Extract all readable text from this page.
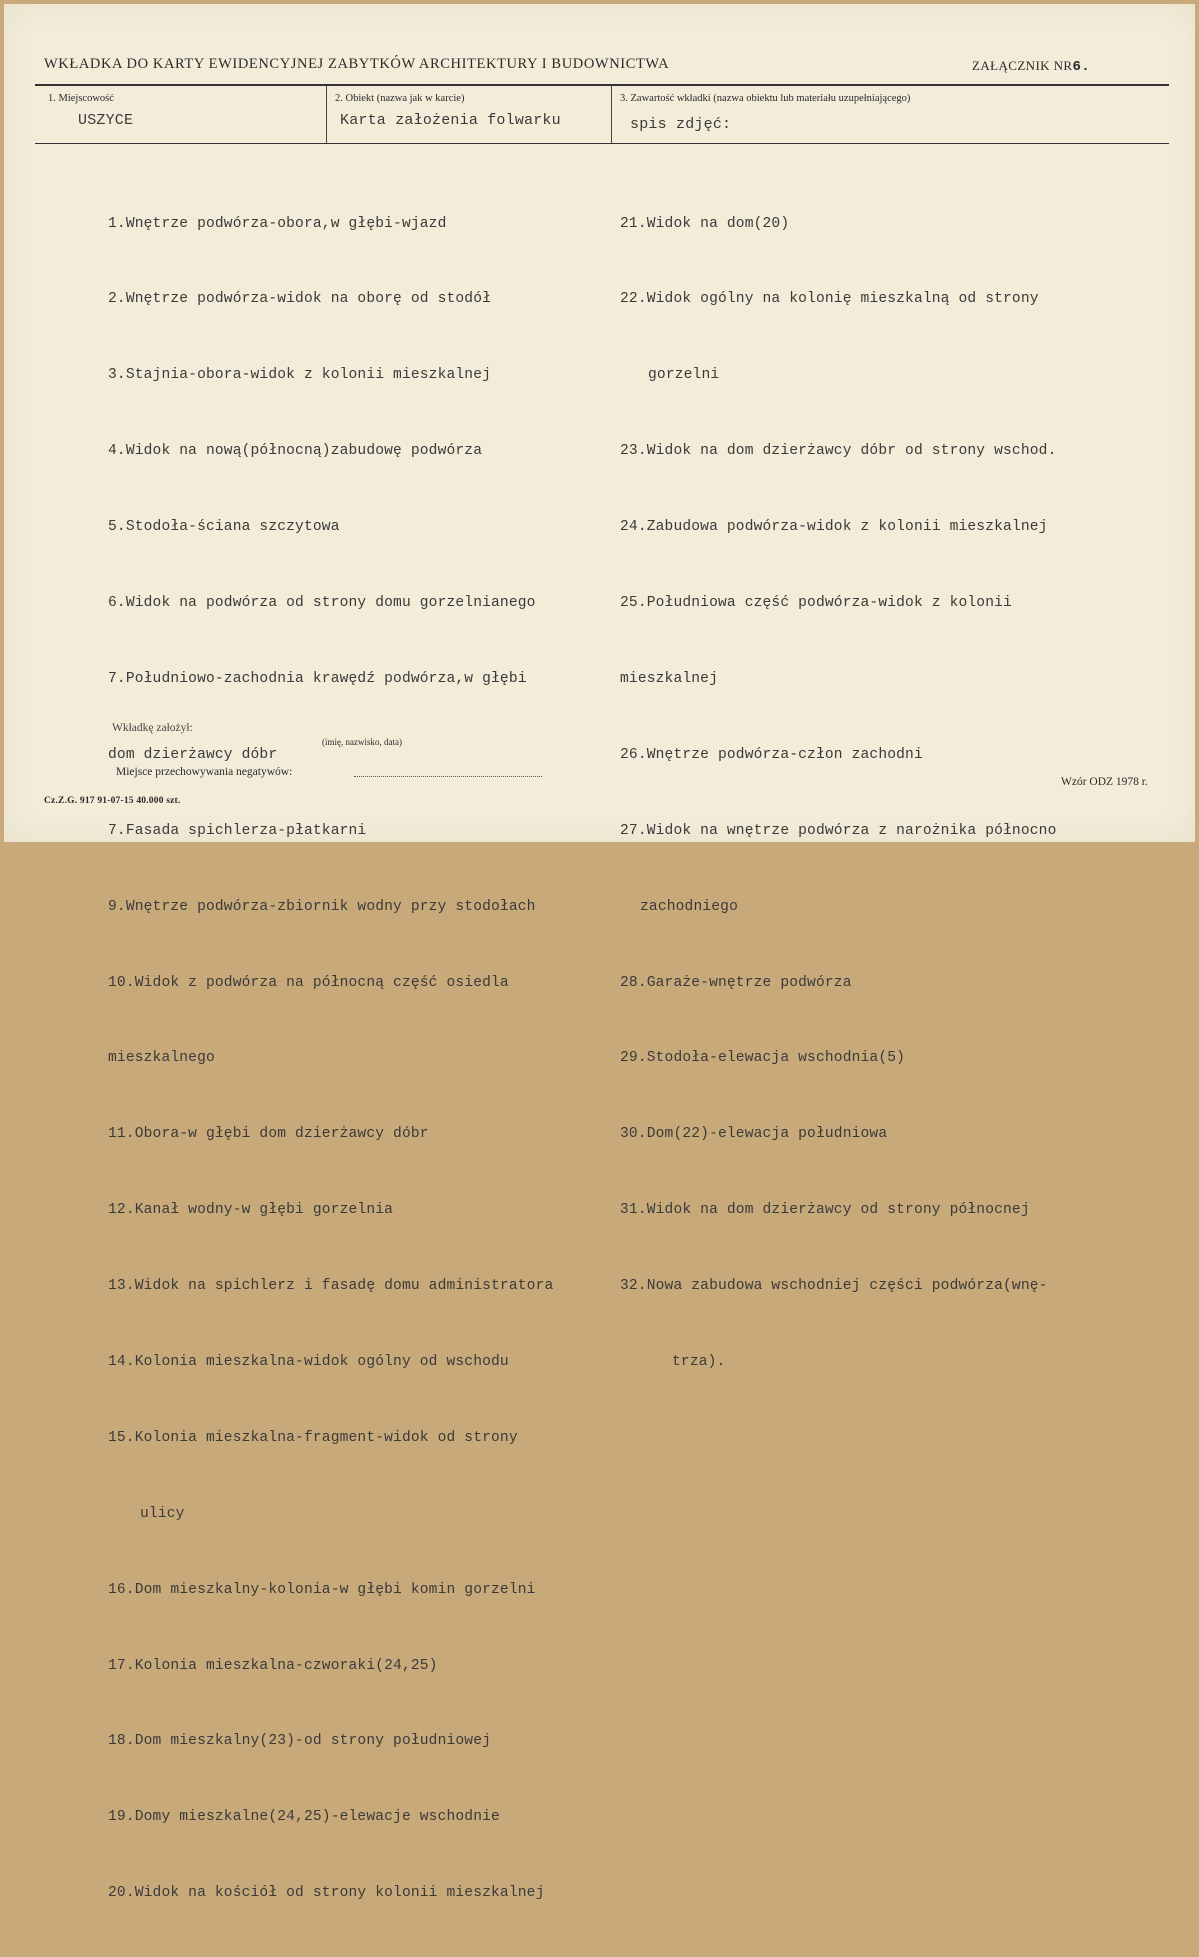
WKŁADKA DO KARTY EWIDENCYJNEJ ZABYTKÓW ARCHITEKTURY I BUDOWNICTWA	ZAŁĄCZNIK NR6.
1. Miejscowość
USZYCE
2. Obiekt (nazwa jak w karcie)
Karta założenia folwarku
3. Zawartość wkładki (nazwa obiektu lub materiału uzupełniającego)
spis zdjęć:

1.Wnętrze podwórza-obora,w głębi-wjazd

2.Wnętrze podwórza-widok na oborę od stodół

3.Stajnia-obora-widok z kolonii mieszkalnej

4.Widok na nową(północną)zabudowę podwórza

5.Stodoła-ściana szczytowa

6.Widok na podwórza od strony domu gorzelnianego

7.Południowo-zachodnia krawędź podwórza,w głębi

dom dzierżawcy dóbr

7.Fasada spichlerza-płatkarni

9.Wnętrze podwórza-zbiornik wodny przy stodołach

10.Widok z podwórza na północną część osiedla

mieszkalnego

11.Obora-w głębi dom dzierżawcy dóbr

12.Kanał wodny-w głębi gorzelnia

13.Widok na spichlerz i fasadę domu administratora

14.Kolonia mieszkalna-widok ogólny od wschodu

15.Kolonia mieszkalna-fragment-widok od strony

ulicy

16.Dom mieszkalny-kolonia-w głębi komin gorzelni

17.Kolonia mieszkalna-czworaki(24,25)

18.Dom mieszkalny(23)-od strony południowej

19.Domy mieszkalne(24,25)-elewacje wschodnie

20.Widok na kościół od strony kolonii mieszkalnej

21.Widok na dom(20)

22.Widok ogólny na kolonię mieszkalną od strony

gorzelni

23.Widok na dom dzierżawcy dóbr od strony wschod.

24.Zabudowa podwórza-widok z kolonii mieszkalnej

25.Południowa część podwórza-widok z kolonii

mieszkalnej

26.Wnętrze podwórza-człon zachodni

27.Widok na wnętrze podwórza z narożnika północno

zachodniego

28.Garaże-wnętrze podwórza

29.Stodoła-elewacja wschodnia(5)

30.Dom(22)-elewacja południowa

31.Widok na dom dzierżawcy od strony północnej

32.Nowa zabudowa wschodniej części podwórza(wnę-

trza).

Wkładkę założył:
(imię, nazwisko, data)
Miejsce przechowywania negatywów:
Wzór ODZ 1978 r.
Cz.Z.G. 917 91-07-15 40.000 szt.
